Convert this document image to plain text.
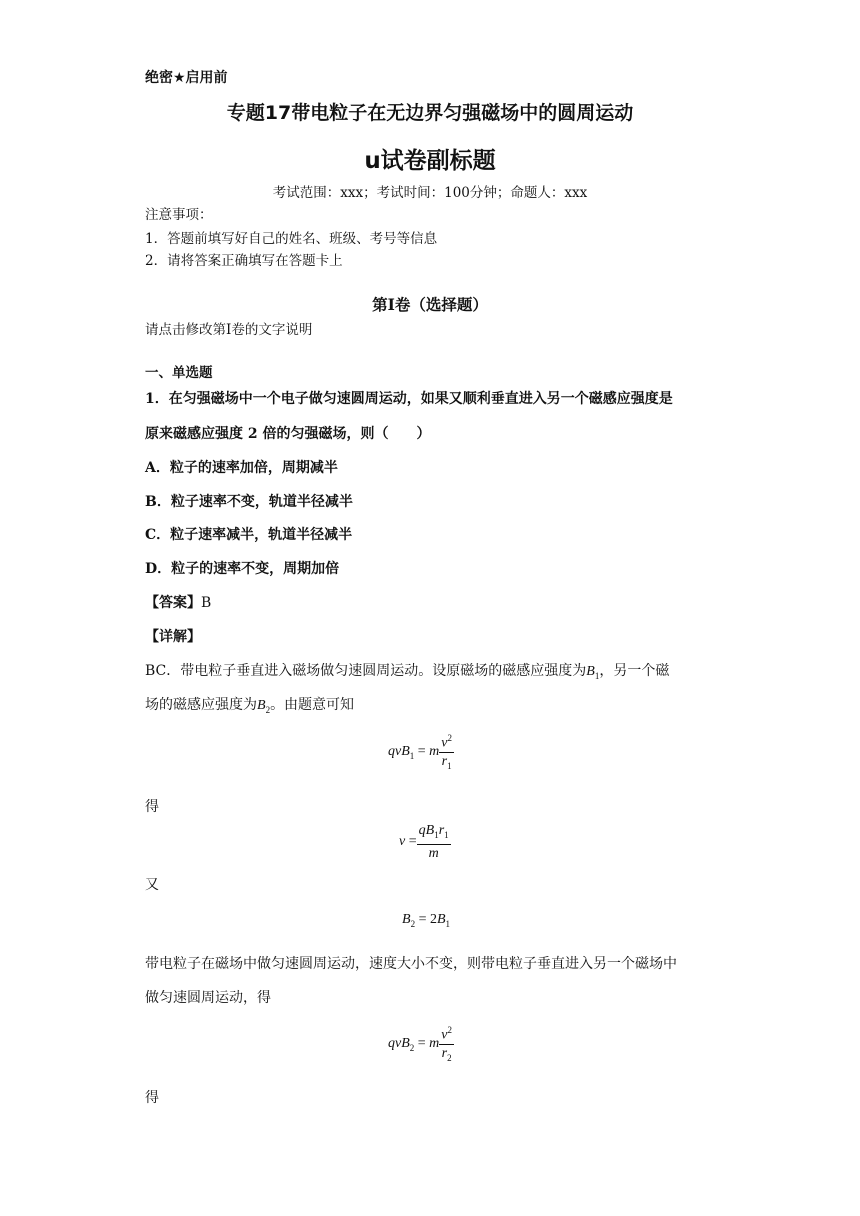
绝密★启用前
专题17带电粒子在无边界匀强磁场中的圆周运动
u试卷副标题
考试范围：xxx；考试时间：100分钟；命题人：xxx
注意事项：
1．答题前填写好自己的姓名、班级、考号等信息
2．请将答案正确填写在答题卡上
第I卷（选择题）
请点击修改第I卷的文字说明
一、单选题
1．在匀强磁场中一个电子做匀速圆周运动，如果又顺利垂直进入另一个磁感应强度是
原来磁感应强度 2 倍的匀强磁场，则（　　）
A．粒子的速率加倍，周期减半
B．粒子速率不变，轨道半径减半
C．粒子速率减半，轨道半径减半
D．粒子的速率不变，周期加倍
【答案】B
【详解】
BC．带电粒子垂直进入磁场做匀速圆周运动。设原磁场的磁感应强度为$B_1$，另一个磁
场的磁感应强度为$B_2$。由题意可知
qvB$_1$ = m $\frac{v^2}{r_1}$
得
$v = \frac{qB_1r_1}{m}$
又
$B_2 = 2B_1$
带电粒子在磁场中做匀速圆周运动，速度大小不变，则带电粒子垂直进入另一个磁场中
做匀速圆周运动，得
qvB$_2$ = m $\frac{v^2}{r_2}$
得
